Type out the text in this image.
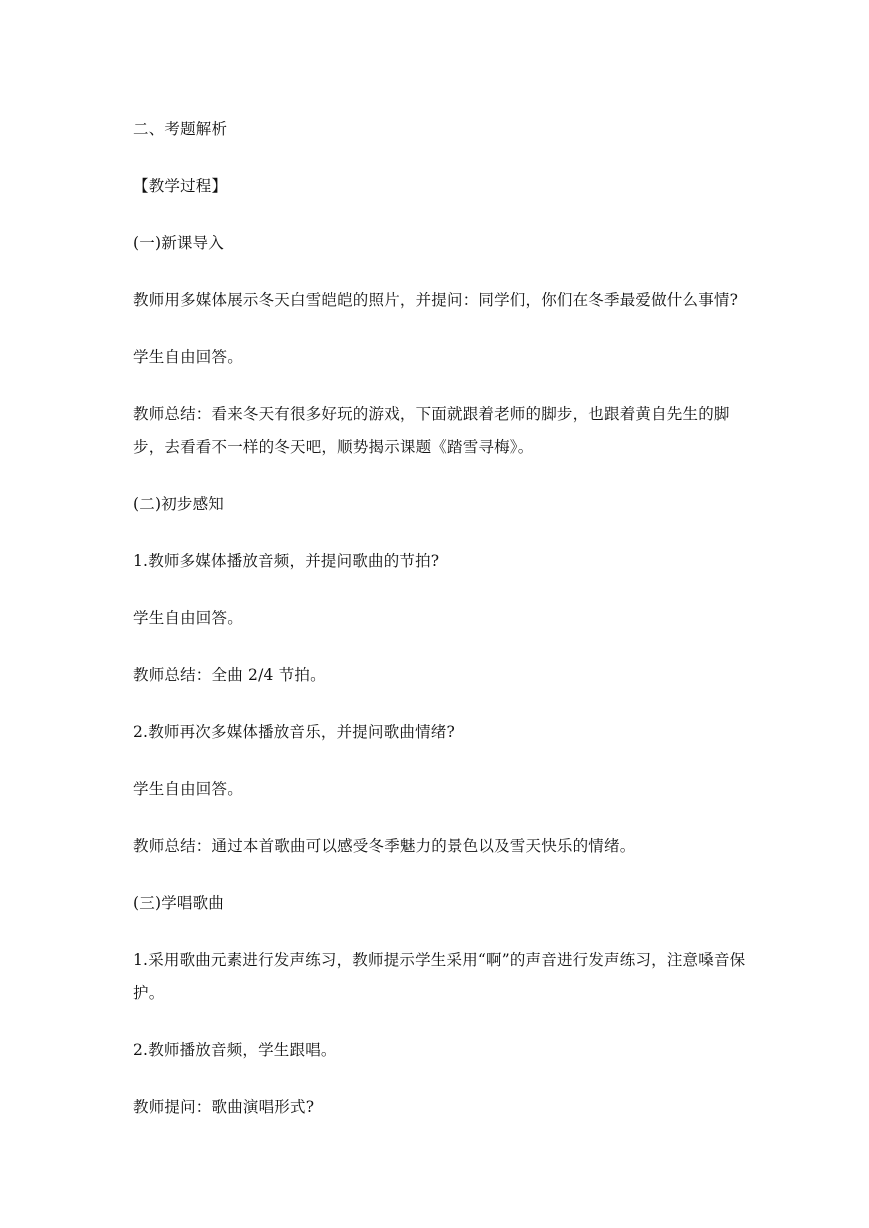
二、考题解析
【教学过程】
(一)新课导入
教师用多媒体展示冬天白雪皑皑的照片，并提问：同学们，你们在冬季最爱做什么事情?
学生自由回答。
教师总结：看来冬天有很多好玩的游戏，下面就跟着老师的脚步，也跟着黄自先生的脚步，去看看不一样的冬天吧，顺势揭示课题《踏雪寻梅》。
(二)初步感知
1.教师多媒体播放音频，并提问歌曲的节拍?
学生自由回答。
教师总结：全曲 2/4 节拍。
2.教师再次多媒体播放音乐，并提问歌曲情绪?
学生自由回答。
教师总结：通过本首歌曲可以感受冬季魅力的景色以及雪天快乐的情绪。
(三)学唱歌曲
1.采用歌曲元素进行发声练习，教师提示学生采用“啊”的声音进行发声练习，注意嗓音保护。
2.教师播放音频，学生跟唱。
教师提问：歌曲演唱形式?
